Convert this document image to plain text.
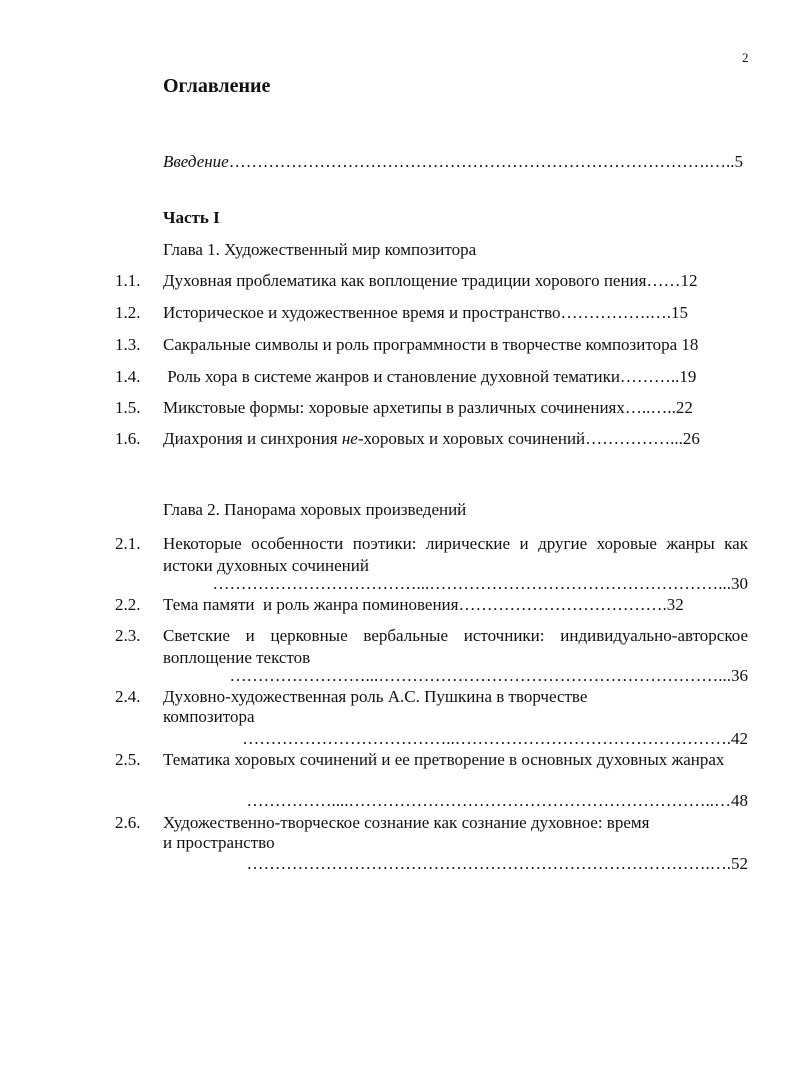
2
Оглавление
Введение………………………………………………………………………….…..5
Часть I
Глава 1. Художественный мир композитора
1.1. Духовная проблематика как воплощение традиции хорового пения……12
1.2. Историческое и художественное время и пространство…………….….15
1.3. Сакральные символы и роль программности в творчестве композитора 18
1.4. Роль хора в системе жанров и становление духовной тематики………..19
1.5. Микстовые формы: хоровые архетипы в различных сочинениях…..…..22
1.6. Диахрония и синхрония не-хоровых и хоровых сочинений……………...26
Глава 2. Панорама хоровых произведений
2.1. Некоторые особенности поэтики: лирические и другие хоровые жанры как истоки духовных сочинений
………………………………...……………………………………………...30
2.2. Тема памяти  и роль жанра поминовения……………………………….32
2.3. Светские и церковные вербальные источники: индивидуально-авторское воплощение текстов
……………………...……………………………………………………...36
2.4. Духовно-художественная роль А.С. Пушкина в творчестве
композитора
………………………………..………………………………………….42
2.5. Тематика хоровых сочинений и ее претворение в основных духовных жанрах
……………....………………………………………………………..…48
2.6. Художественно-творческое сознание как сознание духовное: время
и пространство
……………………………………………………………………….….52
